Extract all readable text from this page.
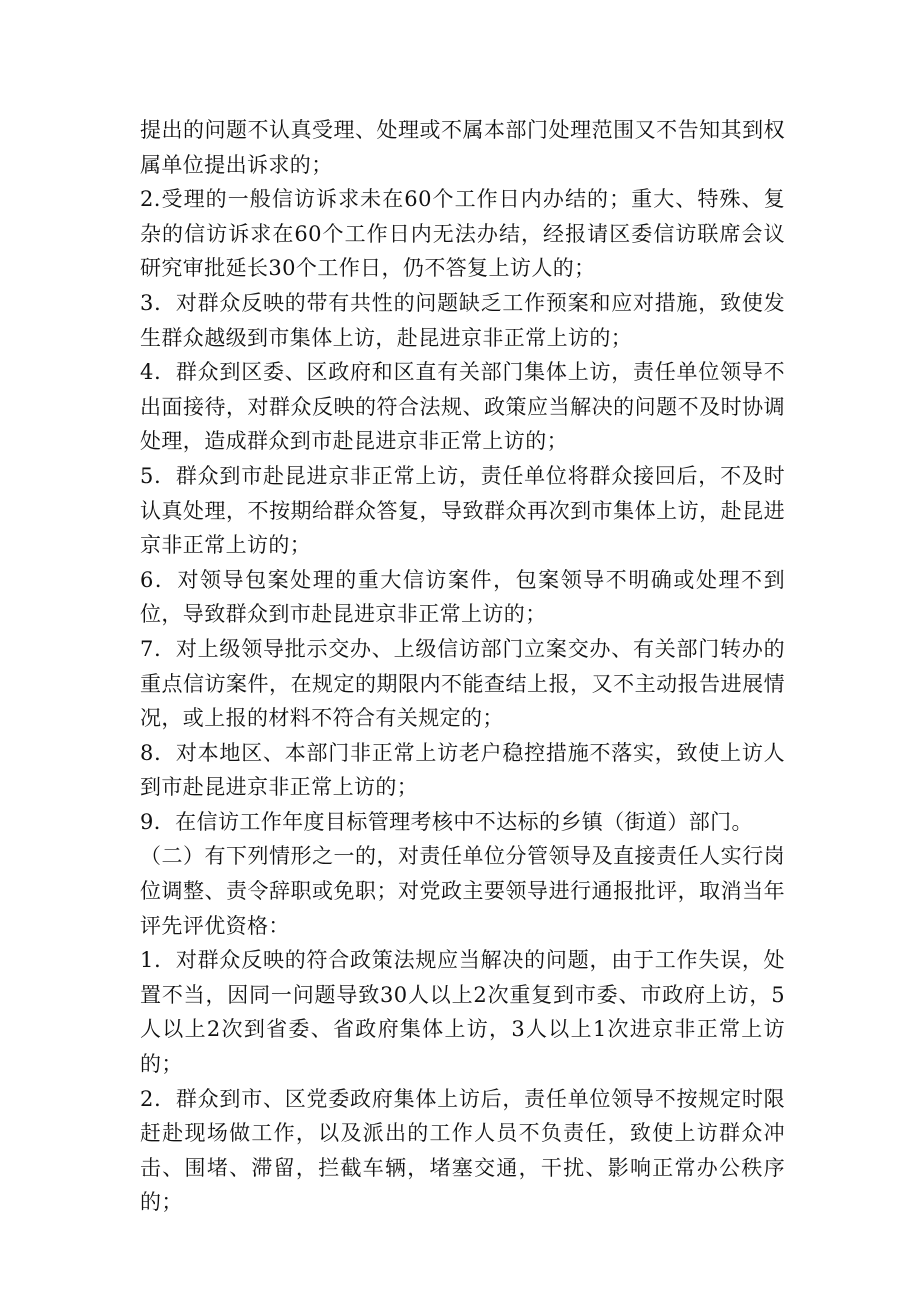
提出的问题不认真受理、处理或不属本部门处理范围又不告知其到权属单位提出诉求的；

2.受理的一般信访诉求未在60个工作日内办结的；重大、特殊、复杂的信访诉求在60个工作日内无法办结，经报请区委信访联席会议研究审批延长30个工作日，仍不答复上访人的；

3．对群众反映的带有共性的问题缺乏工作预案和应对措施，致使发生群众越级到市集体上访，赴昆进京非正常上访的；

4．群众到区委、区政府和区直有关部门集体上访，责任单位领导不出面接待，对群众反映的符合法规、政策应当解决的问题不及时协调处理，造成群众到市赴昆进京非正常上访的；

5．群众到市赴昆进京非正常上访，责任单位将群众接回后，不及时认真处理，不按期给群众答复，导致群众再次到市集体上访，赴昆进京非正常上访的；

6．对领导包案处理的重大信访案件，包案领导不明确或处理不到位，导致群众到市赴昆进京非正常上访的；

7．对上级领导批示交办、上级信访部门立案交办、有关部门转办的重点信访案件，在规定的期限内不能查结上报，又不主动报告进展情况，或上报的材料不符合有关规定的；

8．对本地区、本部门非正常上访老户稳控措施不落实，致使上访人到市赴昆进京非正常上访的；

9．在信访工作年度目标管理考核中不达标的乡镇（街道）部门。

（二）有下列情形之一的，对责任单位分管领导及直接责任人实行岗位调整、责令辞职或免职；对党政主要领导进行通报批评，取消当年评先评优资格：

1．对群众反映的符合政策法规应当解决的问题，由于工作失误，处置不当，因同一问题导致30人以上2次重复到市委、市政府上访，5人以上2次到省委、省政府集体上访，3人以上1次进京非正常上访的；

2．群众到市、区党委政府集体上访后，责任单位领导不按规定时限赶赴现场做工作，以及派出的工作人员不负责任，致使上访群众冲击、围堵、滞留，拦截车辆，堵塞交通，干扰、影响正常办公秩序的；
